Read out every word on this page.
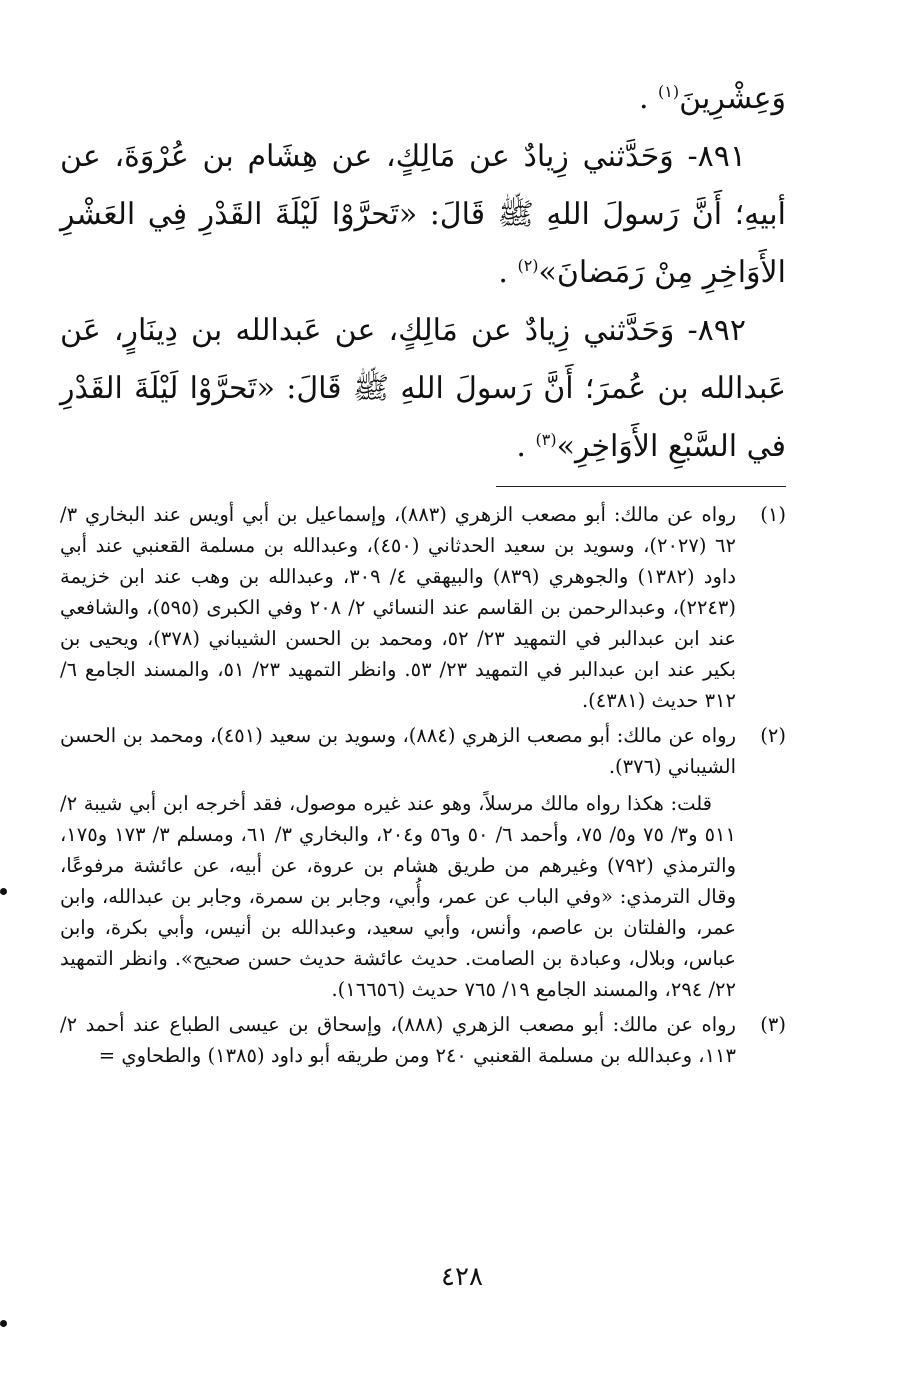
وَعِشْرِينَ$^{(١)}$ .

٨٩١- وَحَدَّثني زِيادٌ عن مَالِكٍ، عن هِشَام بن عُرْوَةَ، عن أبيهِ؛ أَنَّ رَسولَ اللهِ ﷺ قَالَ: «تَحرَّوْا لَيْلَةَ القَدْرِ فِي العَشْرِ الأَوَاخِرِ مِنْ رَمَضانَ»$^{(٢)}$ .

٨٩٢- وَحَدَّثني زِيادٌ عن مَالِكٍ، عن عَبدالله بن دِينَارٍ، عَن عَبدالله بن عُمرَ؛ أَنَّ رَسولَ اللهِ ﷺ قَالَ: «تَحرَّوْا لَيْلَةَ القَدْرِ في السَّبْعِ الأَوَاخِرِ»$^{(٣)}$ .

(١)

رواه عن مالك: أبو مصعب الزهري (٨٨٣)، وإسماعيل بن أبي أويس عند البخاري ٣/ ٦٢ (٢٠٢٧)، وسويد بن سعيد الحدثاني (٤٥٠)، وعبدالله بن مسلمة القعنبي عند أبي داود (١٣٨٢) والجوهري (٨٣٩) والبيهقي ٤/ ٣٠٩، وعبدالله بن وهب عند ابن خزيمة (٢٢٤٣)، وعبدالرحمن بن القاسم عند النسائي ٢/ ٢٠٨ وفي الكبرى (٥٩٥)، والشافعي عند ابن عبدالبر في التمهيد ٢٣/ ٥٢، ومحمد بن الحسن الشيباني (٣٧٨)، ويحيى بن بكير عند ابن عبدالبر في التمهيد ٢٣/ ٥٣. وانظر التمهيد ٢٣/ ٥١، والمسند الجامع ٦/ ٣١٢ حديث (٤٣٨١).

(٢)

رواه عن مالك: أبو مصعب الزهري (٨٨٤)، وسويد بن سعيد (٤٥١)، ومحمد بن الحسن الشيباني (٣٧٦).

قلت: هكذا رواه مالك مرسلاً، وهو عند غيره موصول، فقد أخرجه ابن أبي شيبة ٢/ ٥١١ و٣/ ٧٥ و٥/ ٧٥، وأحمد ٦/ ٥٠ و٥٦ و٢٠٤، والبخاري ٣/ ٦١، ومسلم ٣/ ١٧٣ و١٧٥، والترمذي (٧٩٢) وغيرهم من طريق هشام بن عروة، عن أبيه، عن عائشة مرفوعًا، وقال الترمذي: «وفي الباب عن عمر، وأُبي، وجابر بن سمرة، وجابر بن عبدالله، وابن عمر، والفلتان بن عاصم، وأنس، وأبي سعيد، وعبدالله بن أنيس، وأبي بكرة، وابن عباس، وبلال، وعبادة بن الصامت. حديث عائشة حديث حسن صحيح». وانظر التمهيد ٢٢/ ٢٩٤، والمسند الجامع ١٩/ ٧٦٥ حديث (١٦٦٥٦).

(٣)

رواه عن مالك: أبو مصعب الزهري (٨٨٨)، وإسحاق بن عيسى الطباع عند أحمد ٢/ ١١٣، وعبدالله بن مسلمة القعنبي ٢٤٠ ومن طريقه أبو داود (١٣٨٥) والطحاوي =

٤٢٨
